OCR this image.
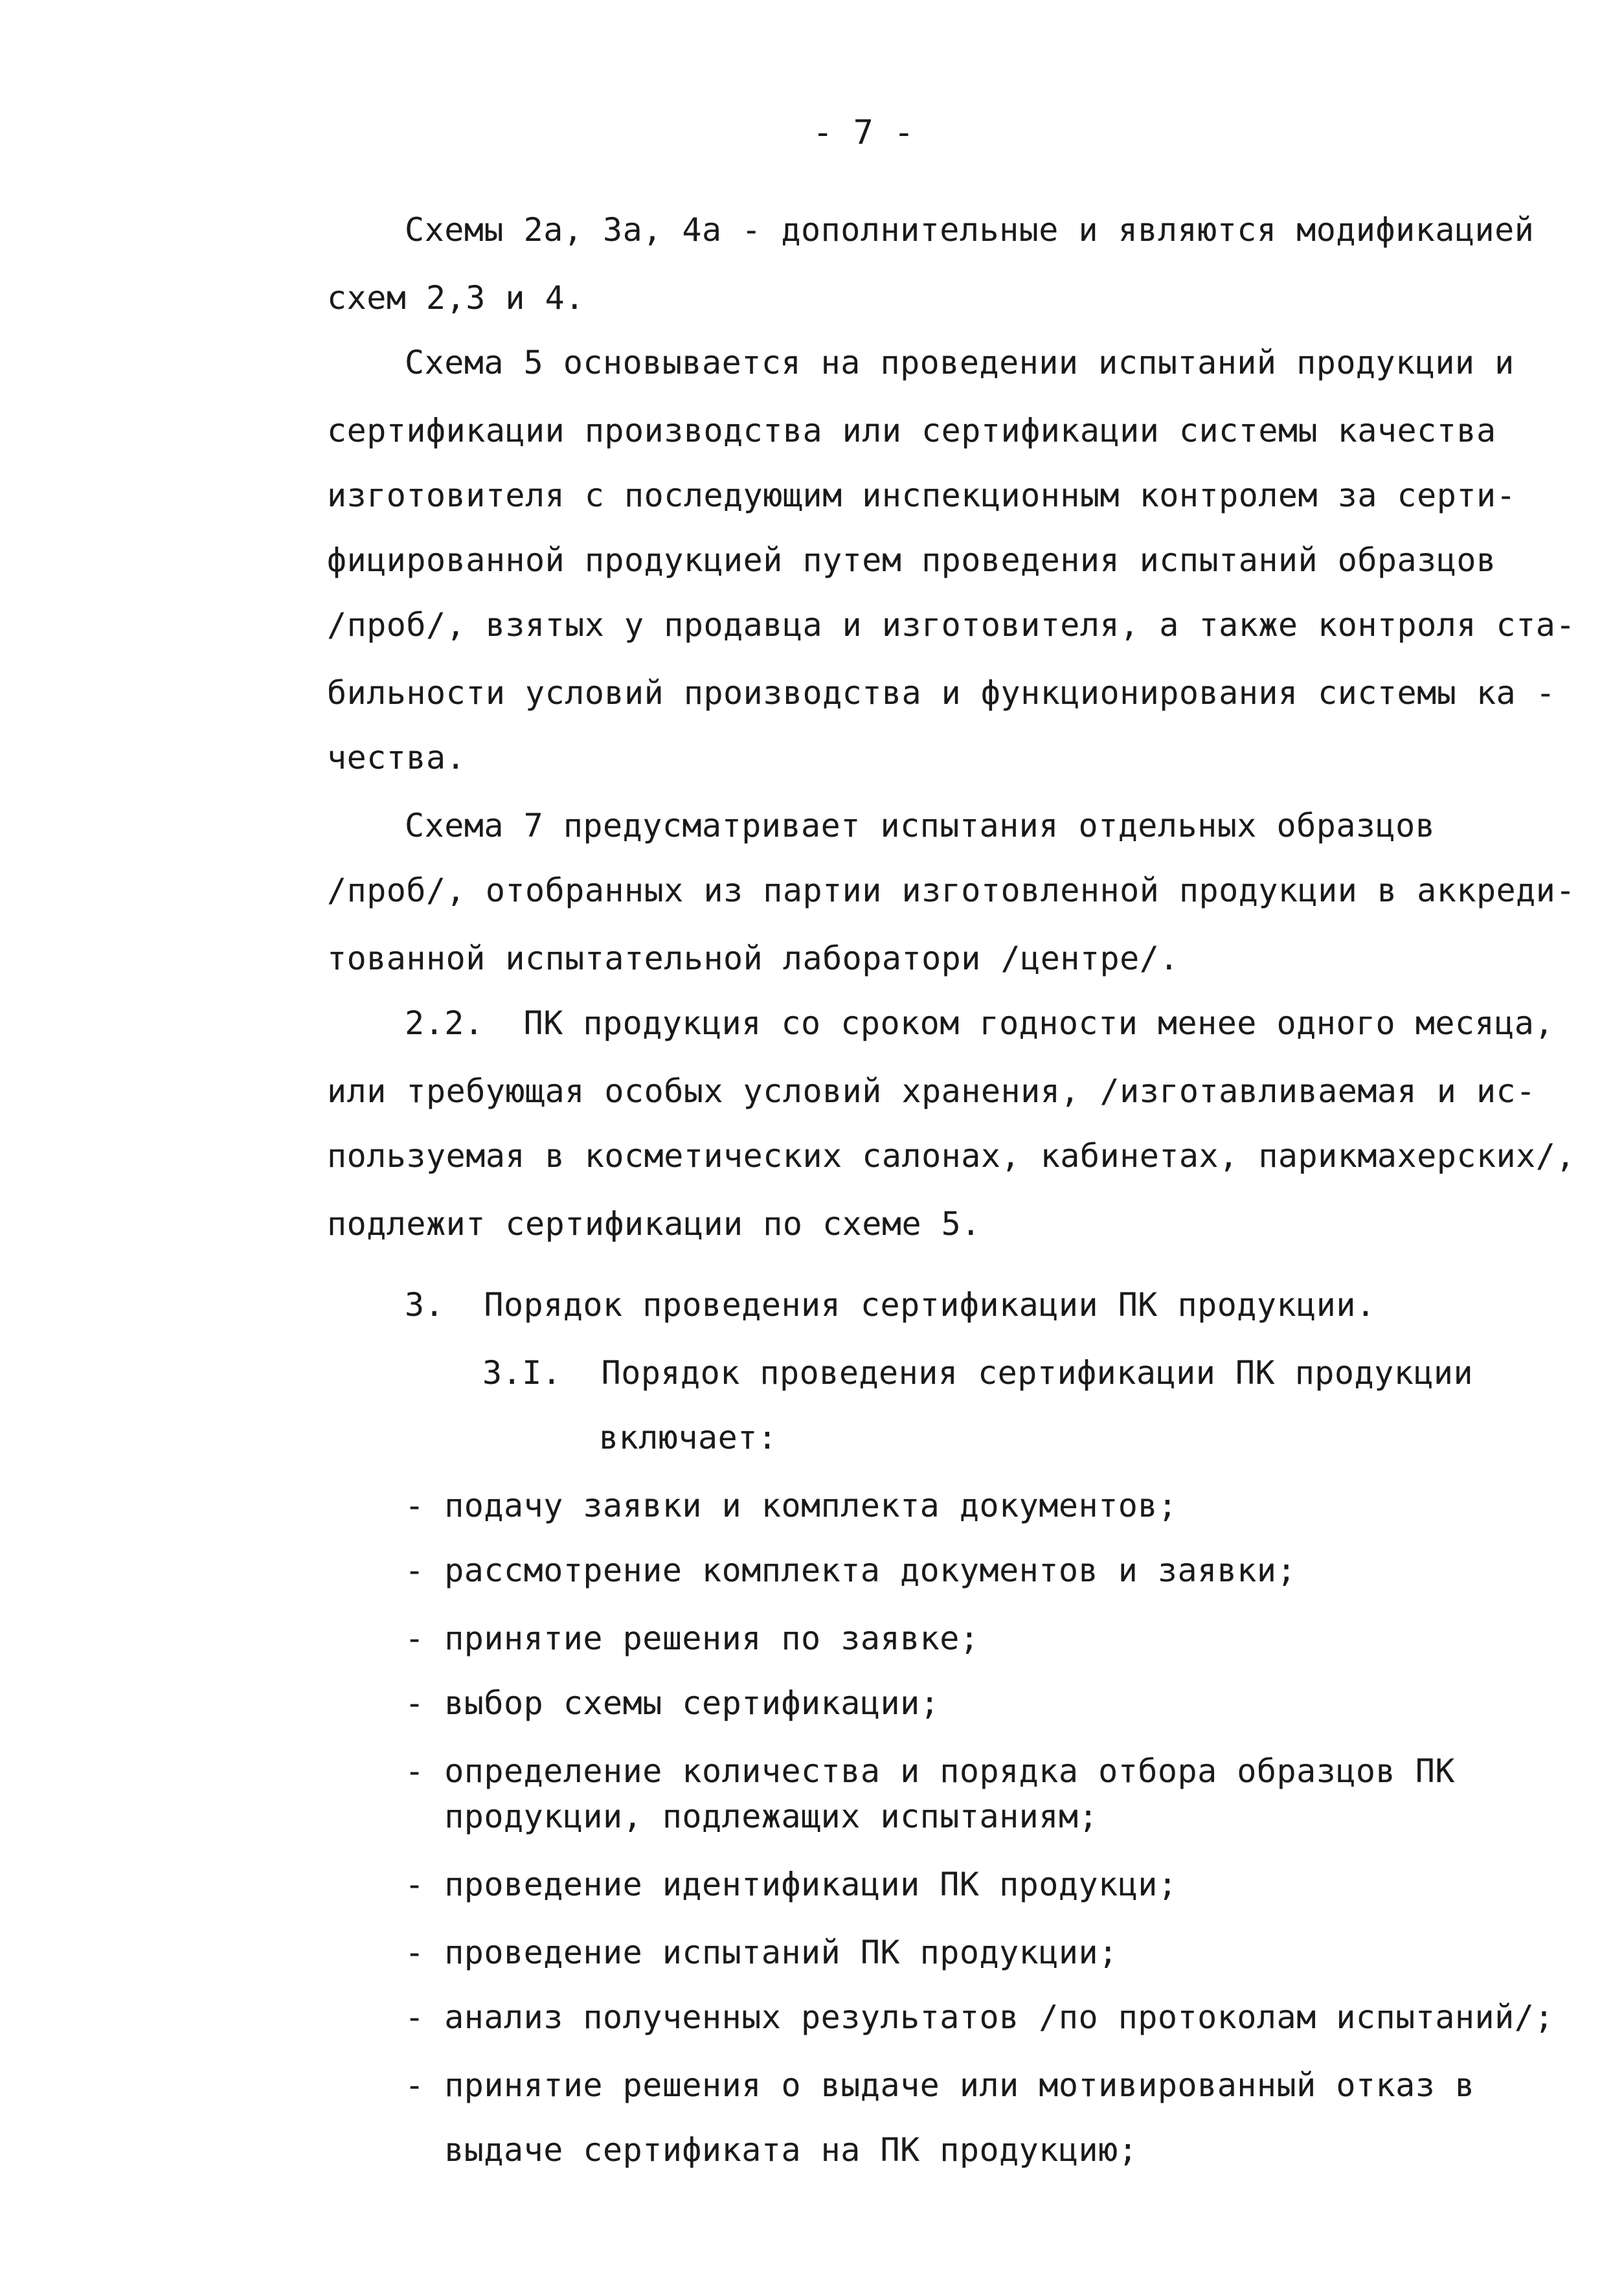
- 7 -
Схемы 2а, 3а, 4а - дополнительные и являются модификацией
схем 2,3 и 4.
Схема 5 основывается на проведении испытаний продукции и
сертификации производства или сертификации системы качества
изготовителя с последующим инспекционным контролем за серти-
фицированной продукцией путем проведения испытаний образцов
/проб/, взятых у продавца и изготовителя, а также контроля ста-
бильности условий производства и функционирования системы ка -
чества.
Схема 7 предусматривает испытания отдельных образцов
/проб/, отобранных из партии изготовленной продукции в аккреди-
тованной испытательной лаборатори /центре/.
2.2.  ПК продукция со сроком годности менее одного месяца,
или требующая особых условий хранения, /изготавливаемая и ис-
пользуемая в косметических салонах, кабинетах, парикмахерских/,
подлежит сертификации по схеме 5.
3.  Порядок проведения сертификации ПК продукции.
3.I.  Порядок проведения сертификации ПК продукции
включает:
- подачу заявки и комплекта документов;
- рассмотрение комплекта документов и заявки;
- принятие решения по заявке;
- выбор схемы сертификации;
- определение количества и порядка отбора образцов ПК
продукции, подлежащих испытаниям;
- проведение идентификации ПК продукци;
- проведение испытаний ПК продукции;
- анализ полученных результатов /по протоколам испытаний/;
- принятие решения о выдаче или мотивированный отказ в
выдаче сертификата на ПК продукцию;
